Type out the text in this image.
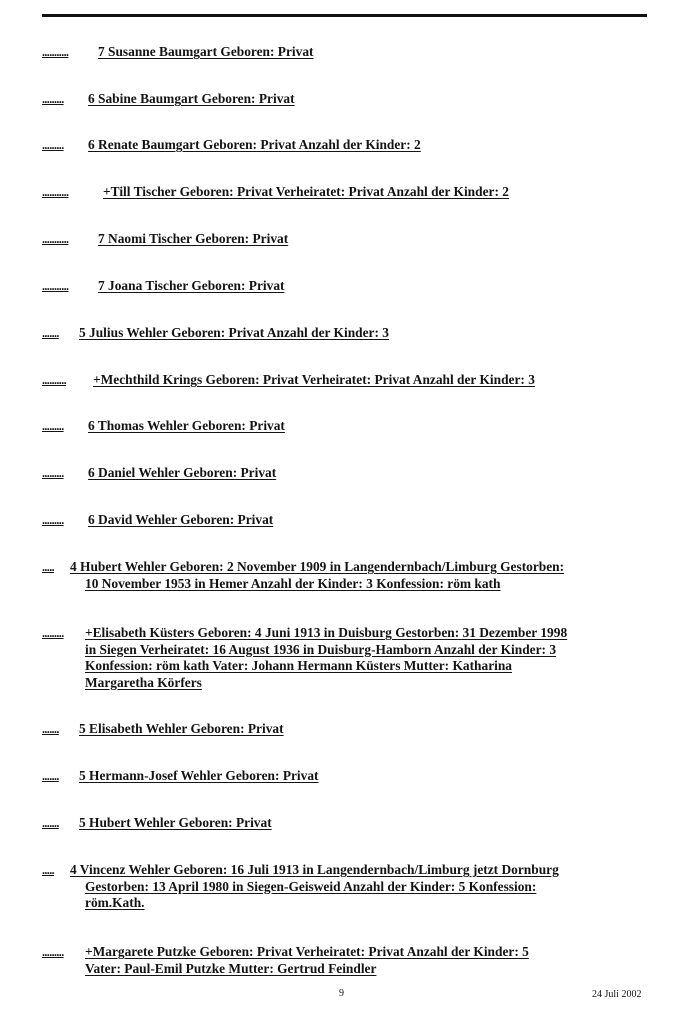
........... 7 Susanne Baumgart Geboren: Privat
......... 6 Sabine Baumgart Geboren: Privat
......... 6 Renate Baumgart Geboren: Privat Anzahl der Kinder: 2
...........	+Till Tischer Geboren: Privat Verheiratet: Privat Anzahl der Kinder: 2
........... 7 Naomi Tischer Geboren: Privat
........... 7 Joana Tischer Geboren: Privat
....... 5 Julius Wehler Geboren: Privat Anzahl der Kinder: 3
.......... +Mechthild Krings Geboren: Privat Verheiratet: Privat Anzahl der Kinder: 3
......... 6 Thomas Wehler Geboren: Privat
......... 6 Daniel Wehler Geboren: Privat
......... 6 David Wehler Geboren: Privat
..... 4 Hubert Wehler Geboren: 2 November 1909 in Langendernbach/Limburg Gestorben:
10 November 1953 in Hemer Anzahl der Kinder: 3 Konfession: röm kath
......... +Elisabeth Küsters Geboren: 4 Juni 1913 in Duisburg Gestorben: 31 Dezember 1998
in Siegen Verheiratet: 16 August 1936 in Duisburg-Hamborn Anzahl der Kinder: 3
Konfession: röm kath Vater: Johann Hermann Küsters Mutter: Katharina
Margaretha Körfers
....... 5 Elisabeth Wehler Geboren: Privat
....... 5 Hermann-Josef Wehler Geboren: Privat
....... 5 Hubert Wehler Geboren: Privat
..... 4 Vincenz Wehler Geboren: 16 Juli 1913 in Langendernbach/Limburg jetzt Dornburg
Gestorben: 13 April 1980 in Siegen-Geisweid Anzahl der Kinder: 5 Konfession:
röm.Kath.
......... +Margarete Putzke Geboren: Privat Verheiratet: Privat Anzahl der Kinder: 5
Vater: Paul-Emil Putzke Mutter: Gertrud Feindler
9	24 Juli 2002
